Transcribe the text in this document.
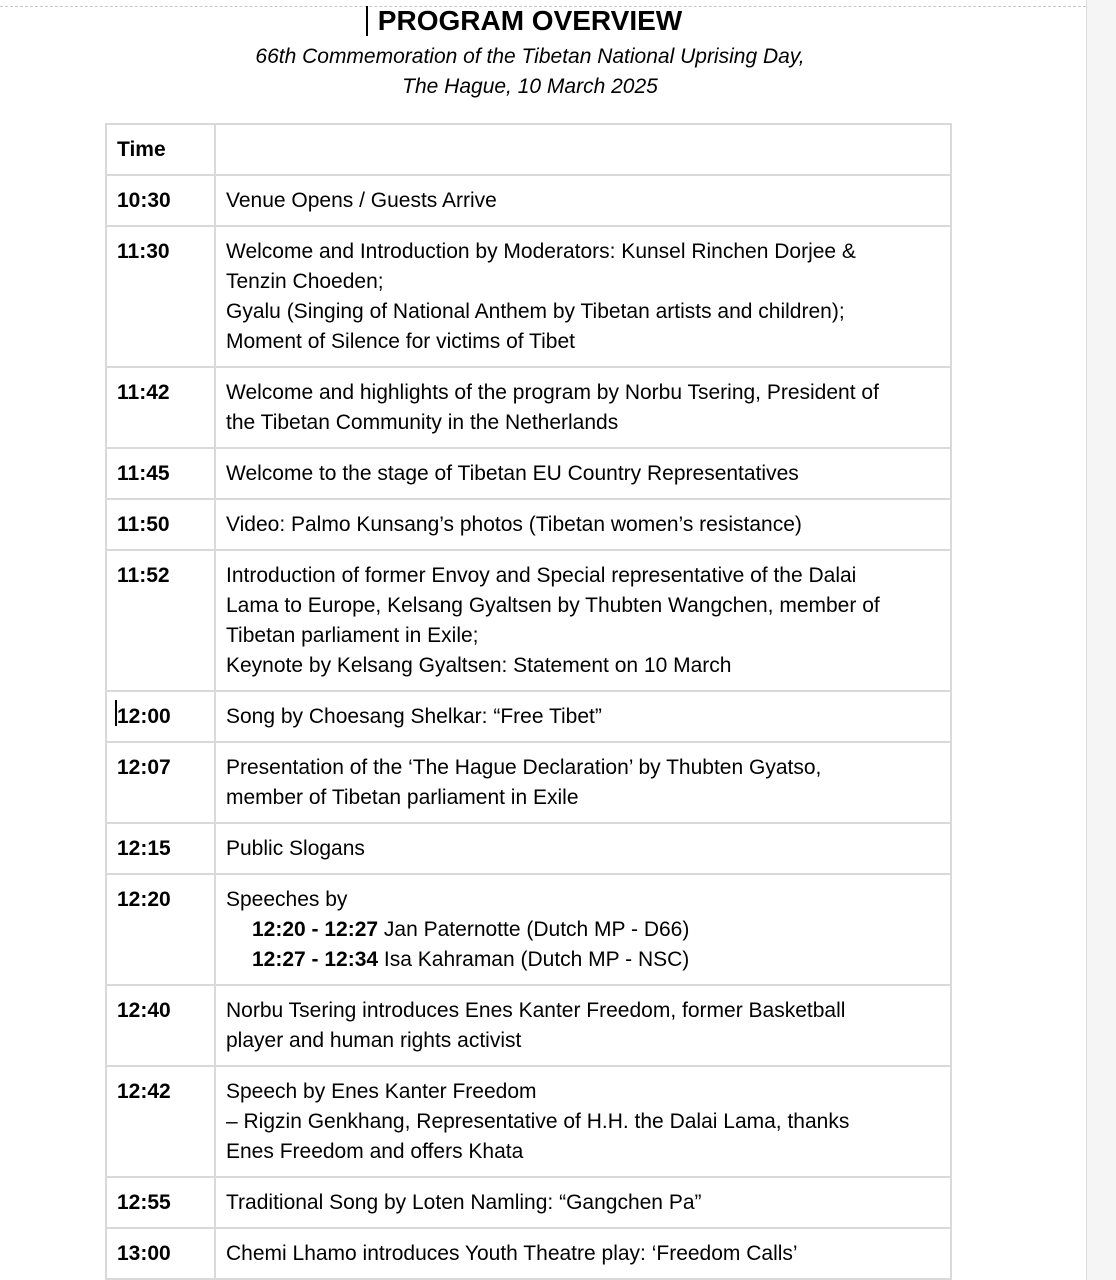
PROGRAM OVERVIEW
66th Commemoration of the Tibetan National Uprising Day,
The Hague, 10 March 2025
Time	
10:30	Venue Opens / Guests Arrive

11:30	Welcome and Introduction by Moderators: Kunsel Rinchen Dorjee &
Tenzin Choeden;
Gyalu (Singing of National Anthem by Tibetan artists and children);
Moment of Silence for victims of Tibet

11:42	Welcome and highlights of the program by Norbu Tsering, President of
the Tibetan Community in the Netherlands

11:45	Welcome to the stage of Tibetan EU Country Representatives

11:50	Video: Palmo Kunsang’s photos (Tibetan women’s resistance)

11:52	Introduction of former Envoy and Special representative of the Dalai
Lama to Europe, Kelsang Gyaltsen by Thubten Wangchen, member of
Tibetan parliament in Exile;
Keynote by Kelsang Gyaltsen: Statement on 10 March

12:00	Song by Choesang Shelkar: “Free Tibet”

12:07	Presentation of the ‘The Hague Declaration’ by Thubten Gyatso,
member of Tibetan parliament in Exile

12:15	Public Slogans

12:20	Speeches by
12:20 - 12:27 Jan Paternotte (Dutch MP - D66)
12:27 - 12:34 Isa Kahraman (Dutch MP - NSC)

12:40	Norbu Tsering introduces Enes Kanter Freedom, former Basketball
player and human rights activist

12:42	Speech by Enes Kanter Freedom
– Rigzin Genkhang, Representative of H.H. the Dalai Lama, thanks
Enes Freedom and offers Khata

12:55	Traditional Song by Loten Namling: “Gangchen Pa”

13:00	Chemi Lhamo introduces Youth Theatre play: ‘Freedom Calls’
